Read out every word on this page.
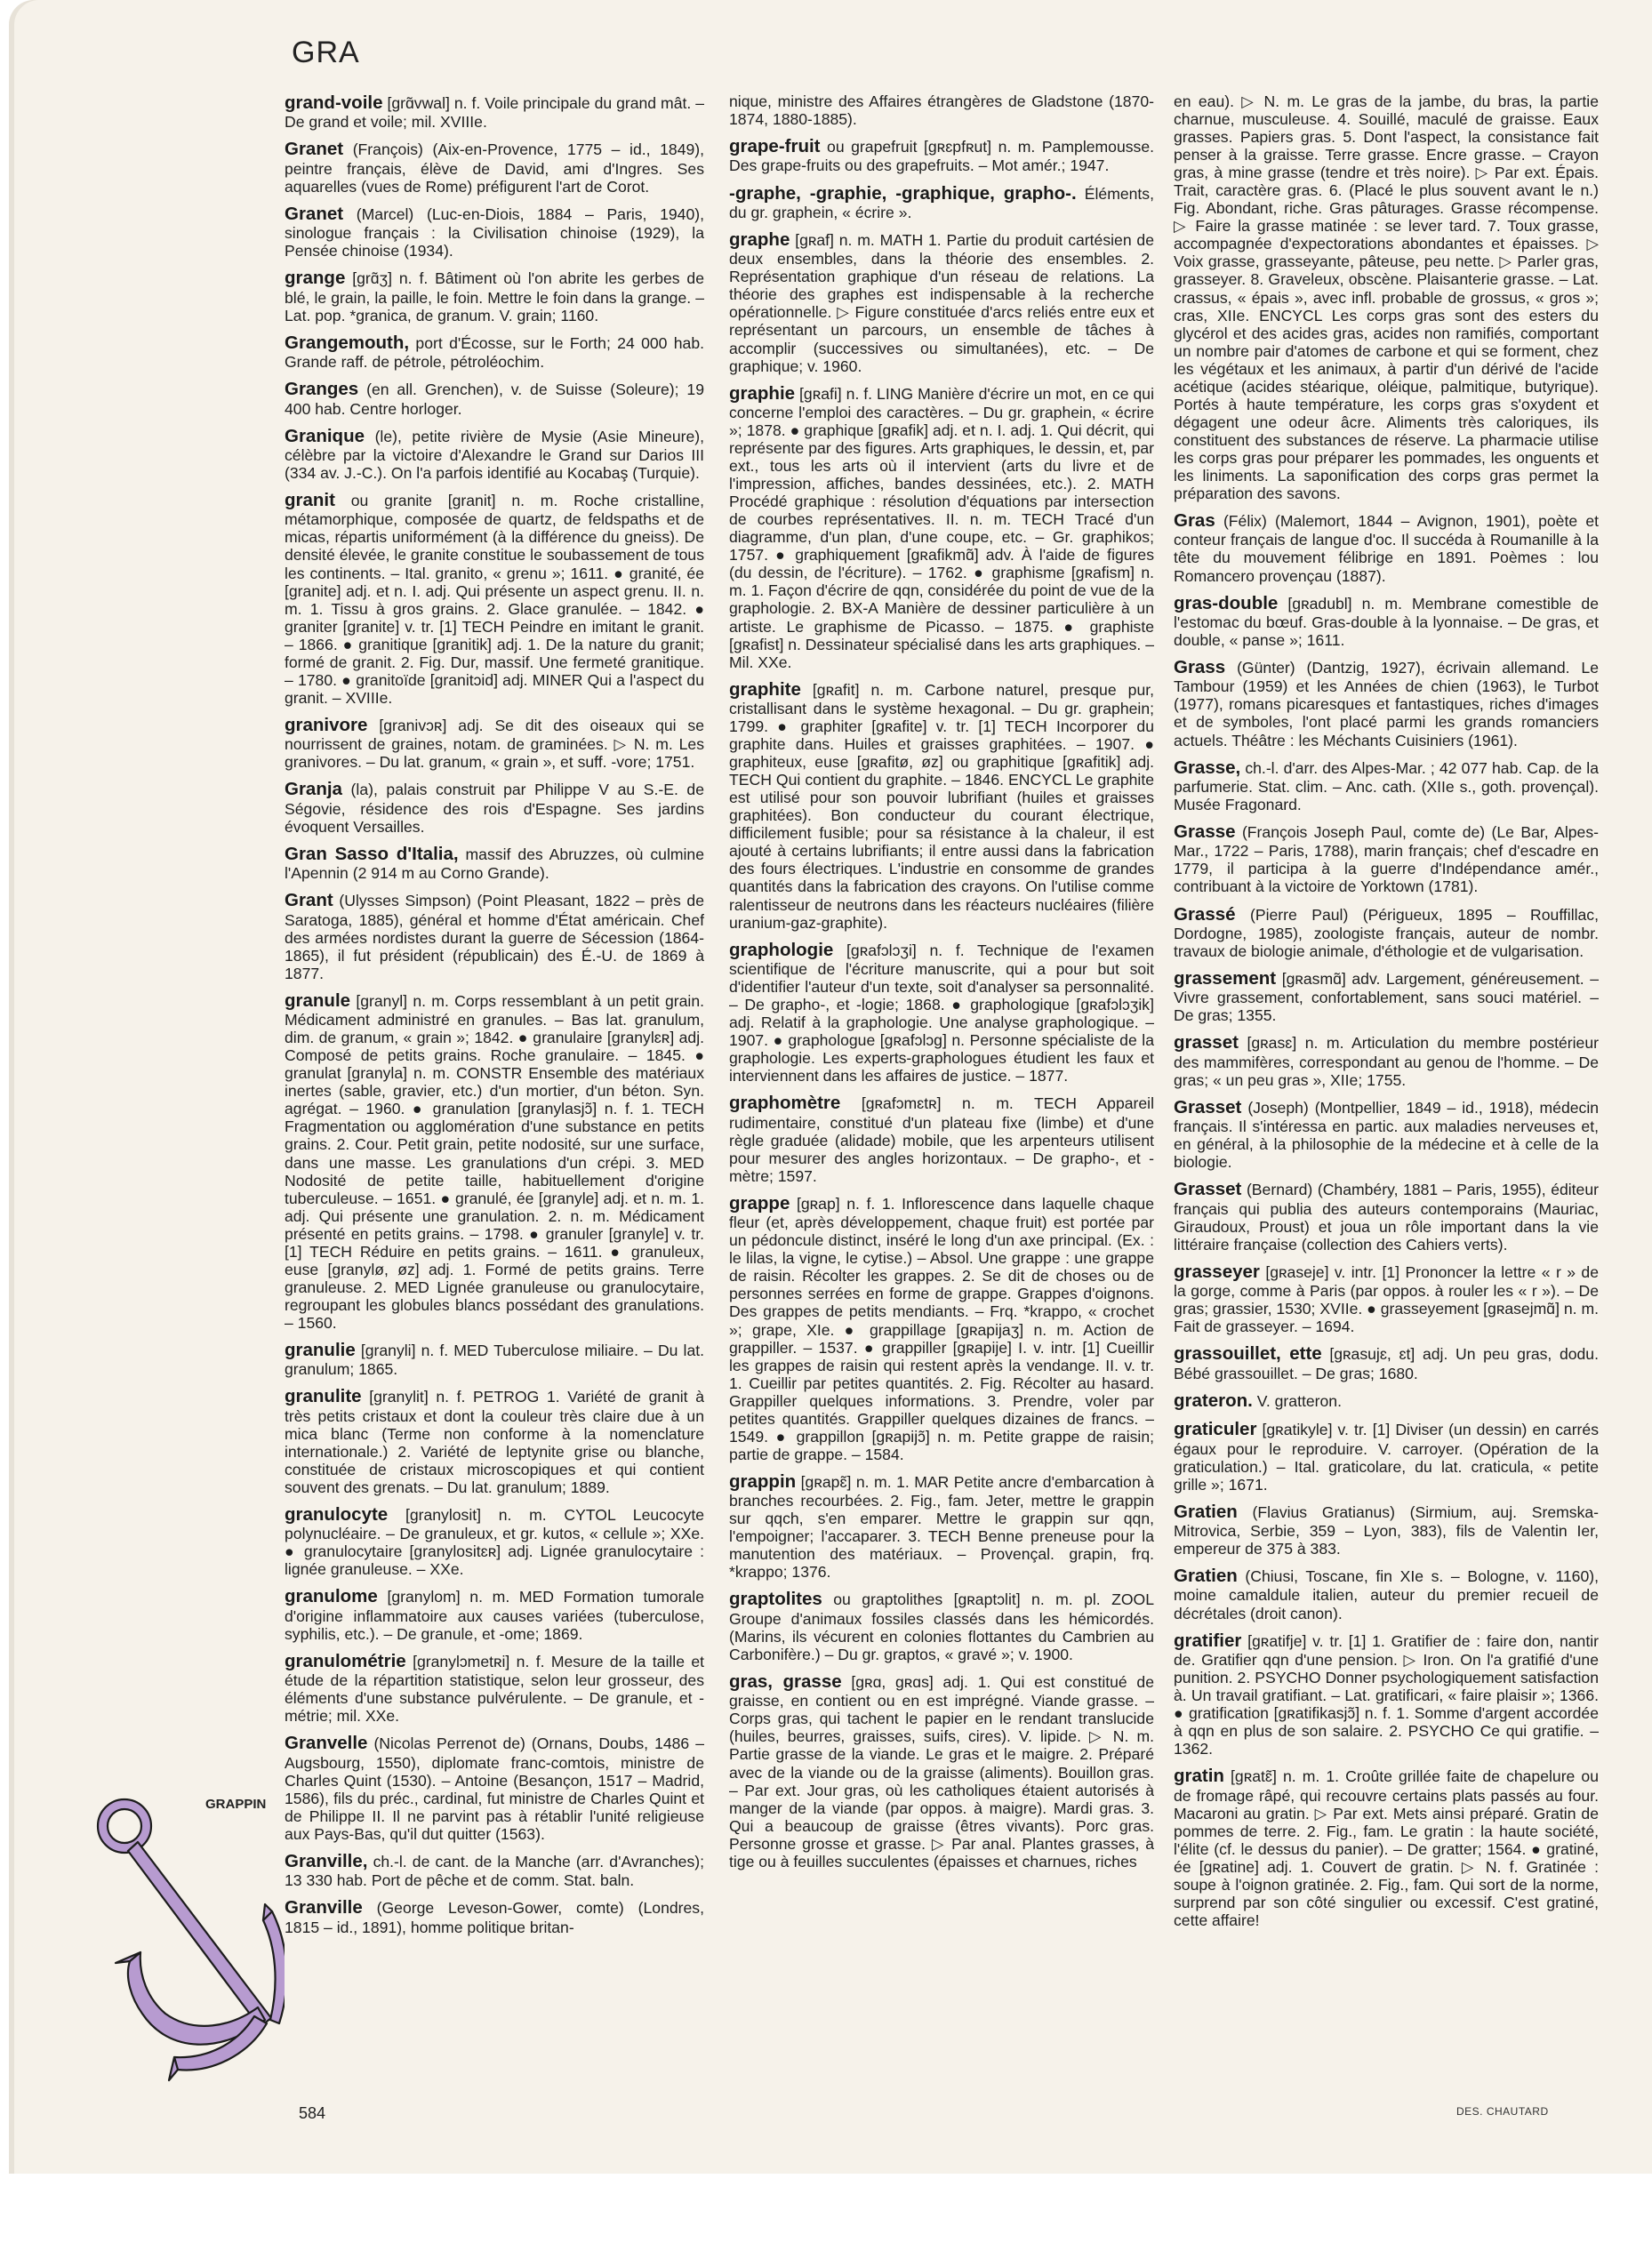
GRA

grand-voile [grɑ̃vwal] n. f. Voile principale du grand mât. – De grand et voile; mil. XVIIIe.

Granet (François) (Aix-en-Provence, 1775 – id., 1849), peintre français, élève de David, ami d'Ingres. Ses aquarelles (vues de Rome) préfigurent l'art de Corot.

Granet (Marcel) (Luc-en-Diois, 1884 – Paris, 1940), sinologue français : la Civilisation chinoise (1929), la Pensée chinoise (1934).

grange [grɑ̃ʒ] n. f. Bâtiment où l'on abrite les gerbes de blé, le grain, la paille, le foin. Mettre le foin dans la grange. – Lat. pop. *granica, de granum. V. grain; 1160.

Grangemouth, port d'Écosse, sur le Forth; 24 000 hab. Grande raff. de pétrole, pétroléochim.

Granges (en all. Grenchen), v. de Suisse (Soleure); 19 400 hab. Centre horloger.

Granique (le), petite rivière de Mysie (Asie Mineure), célèbre par la victoire d'Alexandre le Grand sur Darios III (334 av. J.-C.). On l'a parfois identifié au Kocabaş (Turquie).

granit ou granite [granit] n. m. Roche cristalline, métamorphique, composée de quartz, de feldspaths et de micas, répartis uniformément (à la différence du gneiss). De densité élevée, le granite constitue le soubassement de tous les continents. – Ital. granito, « grenu »; 1611. ● granité, ée [granite] adj. et n. I. adj. Qui présente un aspect grenu. II. n. m. 1. Tissu à gros grains. 2. Glace granulée. – 1842. ● graniter [granite] v. tr. [1] TECH Peindre en imitant le granit. – 1866. ● granitique [granitik] adj. 1. De la nature du granit; formé de granit. 2. Fig. Dur, massif. Une fermeté granitique. – 1780. ● granitoïde [granitɔid] adj. MINER Qui a l'aspect du granit. – XVIIIe.

granivore [granivɔʀ] adj. Se dit des oiseaux qui se nourrissent de graines, notam. de graminées. ▷ N. m. Les granivores. – Du lat. granum, « grain », et suff. -vore; 1751.

Granja (la), palais construit par Philippe V au S.-E. de Ségovie, résidence des rois d'Espagne. Ses jardins évoquent Versailles.

Gran Sasso d'Italia, massif des Abruzzes, où culmine l'Apennin (2 914 m au Corno Grande).

Grant (Ulysses Simpson) (Point Pleasant, 1822 – près de Saratoga, 1885), général et homme d'État américain. Chef des armées nordistes durant la guerre de Sécession (1864-1865), il fut président (républicain) des É.-U. de 1869 à 1877.

granule [granyl] n. m. Corps ressemblant à un petit grain. Médicament administré en granules. – Bas lat. granulum, dim. de granum, « grain »; 1842. ● granulaire [granylɛʀ] adj. Composé de petits grains. Roche granulaire. – 1845. ● granulat [granyla] n. m. CONSTR Ensemble des matériaux inertes (sable, gravier, etc.) d'un mortier, d'un béton. Syn. agrégat. – 1960. ● granulation [granylasjɔ̃] n. f. 1. TECH Fragmentation ou agglomération d'une substance en petits grains. 2. Cour. Petit grain, petite nodosité, sur une surface, dans une masse. Les granulations d'un crépi. 3. MED Nodosité de petite taille, habituellement d'origine tuberculeuse. – 1651. ● granulé, ée [granyle] adj. et n. m. 1. adj. Qui présente une granulation. 2. n. m. Médicament présenté en petits grains. – 1798. ● granuler [granyle] v. tr. [1] TECH Réduire en petits grains. – 1611. ● granuleux, euse [granylø, øz] adj. 1. Formé de petits grains. Terre granuleuse. 2. MED Lignée granuleuse ou granulocytaire, regroupant les globules blancs possédant des granulations. – 1560.

granulie [granyli] n. f. MED Tuberculose miliaire. – Du lat. granulum; 1865.

granulite [granylit] n. f. PETROG 1. Variété de granit à très petits cristaux et dont la couleur très claire due à un mica blanc (Terme non conforme à la nomenclature internationale.) 2. Variété de leptynite grise ou blanche, constituée de cristaux microscopiques et qui contient souvent des grenats. – Du lat. granulum; 1889.

granulocyte [granylosit] n. m. CYTOL Leucocyte polynucléaire. – De granuleux, et gr. kutos, « cellule »; XXe. ● granulocytaire [granylositɛʀ] adj. Lignée granulocytaire : lignée granuleuse. – XXe.

granulome [granylom] n. m. MED Formation tumorale d'origine inflammatoire aux causes variées (tuberculose, syphilis, etc.). – De granule, et -ome; 1869.

granulométrie [granylɔmetʀi] n. f. Mesure de la taille et étude de la répartition statistique, selon leur grosseur, des éléments d'une substance pulvérulente. – De granule, et -métrie; mil. XXe.

Granvelle (Nicolas Perrenot de) (Ornans, Doubs, 1486 – Augsbourg, 1550), diplomate franc-comtois, ministre de Charles Quint (1530). – Antoine (Besançon, 1517 – Madrid, 1586), fils du préc., cardinal, fut ministre de Charles Quint et de Philippe II. Il ne parvint pas à rétablir l'unité religieuse aux Pays-Bas, qu'il dut quitter (1563).

Granville, ch.-l. de cant. de la Manche (arr. d'Avranches); 13 330 hab. Port de pêche et de comm. Stat. baln.

Granville (George Leveson-Gower, comte) (Londres, 1815 – id., 1891), homme politique britan-

nique, ministre des Affaires étrangères de Gladstone (1870-1874, 1880-1885).

grape-fruit ou grapefruit [gʀɛpfʀut] n. m. Pamplemousse. Des grape-fruits ou des grapefruits. – Mot amér.; 1947.

-graphe, -graphie, -graphique, grapho-. Éléments, du gr. graphein, « écrire ».

graphe [gʀaf] n. m. MATH 1. Partie du produit cartésien de deux ensembles, dans la théorie des ensembles. 2. Représentation graphique d'un réseau de relations. La théorie des graphes est indispensable à la recherche opérationnelle. ▷ Figure constituée d'arcs reliés entre eux et représentant un parcours, un ensemble de tâches à accomplir (successives ou simultanées), etc. – De graphique; v. 1960.

graphie [gʀafi] n. f. LING Manière d'écrire un mot, en ce qui concerne l'emploi des caractères. – Du gr. graphein, « écrire »; 1878. ● graphique [gʀafik] adj. et n. I. adj. 1. Qui décrit, qui représente par des figures. Arts graphiques, le dessin, et, par ext., tous les arts où il intervient (arts du livre et de l'impression, affiches, bandes dessinées, etc.). 2. MATH Procédé graphique : résolution d'équations par intersection de courbes représentatives. II. n. m. TECH Tracé d'un diagramme, d'un plan, d'une coupe, etc. – Gr. graphikos; 1757. ● graphiquement [gʀafikmɑ̃] adv. À l'aide de figures (du dessin, de l'écriture). – 1762. ● graphisme [gʀafism] n. m. 1. Façon d'écrire de qqn, considérée du point de vue de la graphologie. 2. BX-A Manière de dessiner particulière à un artiste. Le graphisme de Picasso. – 1875. ● graphiste [gʀafist] n. Dessinateur spécialisé dans les arts graphiques. – Mil. XXe.

graphite [gʀafit] n. m. Carbone naturel, presque pur, cristallisant dans le système hexagonal. – Du gr. graphein; 1799. ● graphiter [gʀafite] v. tr. [1] TECH Incorporer du graphite dans. Huiles et graisses graphitées. – 1907. ● graphiteux, euse [gʀafitø, øz] ou graphitique [gʀafitik] adj. TECH Qui contient du graphite. – 1846. ENCYCL Le graphite est utilisé pour son pouvoir lubrifiant (huiles et graisses graphitées). Bon conducteur du courant électrique, difficilement fusible; pour sa résistance à la chaleur, il est ajouté à certains lubrifiants; il entre aussi dans la fabrication des fours électriques. L'industrie en consomme de grandes quantités dans la fabrication des crayons. On l'utilise comme ralentisseur de neutrons dans les réacteurs nucléaires (filière uranium-gaz-graphite).

graphologie [gʀafɔlɔʒi] n. f. Technique de l'examen scientifique de l'écriture manuscrite, qui a pour but soit d'identifier l'auteur d'un texte, soit d'analyser sa personnalité. – De grapho-, et -logie; 1868. ● graphologique [gʀafɔlɔʒik] adj. Relatif à la graphologie. Une analyse graphologique. – 1907. ● graphologue [gʀafɔlɔg] n. Personne spécialiste de la graphologie. Les experts-graphologues étudient les faux et interviennent dans les affaires de justice. – 1877.

graphomètre [gʀafɔmɛtʀ] n. m. TECH Appareil rudimentaire, constitué d'un plateau fixe (limbe) et d'une règle graduée (alidade) mobile, que les arpenteurs utilisent pour mesurer des angles horizontaux. – De grapho-, et -mètre; 1597.

grappe [gʀap] n. f. 1. Inflorescence dans laquelle chaque fleur (et, après développement, chaque fruit) est portée par un pédoncule distinct, inséré le long d'un axe principal. (Ex. : le lilas, la vigne, le cytise.) – Absol. Une grappe : une grappe de raisin. Récolter les grappes. 2. Se dit de choses ou de personnes serrées en forme de grappe. Grappes d'oignons. Des grappes de petits mendiants. – Frq. *krappo, « crochet »; grape, XIe. ● grappillage [gʀapijaʒ] n. m. Action de grappiller. – 1537. ● grappiller [gʀapije] I. v. intr. [1] Cueillir les grappes de raisin qui restent après la vendange. II. v. tr. 1. Cueillir par petites quantités. 2. Fig. Récolter au hasard. Grappiller quelques informations. 3. Prendre, voler par petites quantités. Grappiller quelques dizaines de francs. – 1549. ● grappillon [gʀapijɔ̃] n. m. Petite grappe de raisin; partie de grappe. – 1584.

grappin [gʀapɛ̃] n. m. 1. MAR Petite ancre d'embarcation à branches recourbées. 2. Fig., fam. Jeter, mettre le grappin sur qqch, s'en emparer. Mettre le grappin sur qqn, l'empoigner; l'accaparer. 3. TECH Benne preneuse pour la manutention des matériaux. – Provençal. grapin, frq. *krappo; 1376.

graptolites ou graptolithes [gʀaptɔlit] n. m. pl. ZOOL Groupe d'animaux fossiles classés dans les hémicordés. (Marins, ils vécurent en colonies flottantes du Cambrien au Carbonifère.) – Du gr. graptos, « gravé »; v. 1900.

gras, grasse [gʀɑ, gʀɑs] adj. 1. Qui est constitué de graisse, en contient ou en est imprégné. Viande grasse. – Corps gras, qui tachent le papier en le rendant translucide (huiles, beurres, graisses, suifs, cires). V. lipide. ▷ N. m. Partie grasse de la viande. Le gras et le maigre. 2. Préparé avec de la viande ou de la graisse (aliments). Bouillon gras. – Par ext. Jour gras, où les catholiques étaient autorisés à manger de la viande (par oppos. à maigre). Mardi gras. 3. Qui a beaucoup de graisse (êtres vivants). Porc gras. Personne grosse et grasse. ▷ Par anal. Plantes grasses, à tige ou à feuilles succulentes (épaisses et charnues, riches

en eau). ▷ N. m. Le gras de la jambe, du bras, la partie charnue, musculeuse. 4. Souillé, maculé de graisse. Eaux grasses. Papiers gras. 5. Dont l'aspect, la consistance fait penser à la graisse. Terre grasse. Encre grasse. – Crayon gras, à mine grasse (tendre et très noire). ▷ Par ext. Épais. Trait, caractère gras. 6. (Placé le plus souvent avant le n.) Fig. Abondant, riche. Gras pâturages. Grasse récompense. ▷ Faire la grasse matinée : se lever tard. 7. Toux grasse, accompagnée d'expectorations abondantes et épaisses. ▷ Voix grasse, grasseyante, pâteuse, peu nette. ▷ Parler gras, grasseyer. 8. Graveleux, obscène. Plaisanterie grasse. – Lat. crassus, « épais », avec infl. probable de grossus, « gros »; cras, XIIe. ENCYCL Les corps gras sont des esters du glycérol et des acides gras, acides non ramifiés, comportant un nombre pair d'atomes de carbone et qui se forment, chez les végétaux et les animaux, à partir d'un dérivé de l'acide acétique (acides stéarique, oléique, palmitique, butyrique). Portés à haute température, les corps gras s'oxydent et dégagent une odeur âcre. Aliments très caloriques, ils constituent des substances de réserve. La pharmacie utilise les corps gras pour préparer les pommades, les onguents et les liniments. La saponification des corps gras permet la préparation des savons.

Gras (Félix) (Malemort, 1844 – Avignon, 1901), poète et conteur français de langue d'oc. Il succéda à Roumanille à la tête du mouvement félibrige en 1891. Poèmes : lou Romancero provençau (1887).

gras-double [gʀadubl] n. m. Membrane comestible de l'estomac du bœuf. Gras-double à la lyonnaise. – De gras, et double, « panse »; 1611.

Grass (Günter) (Dantzig, 1927), écrivain allemand. Le Tambour (1959) et les Années de chien (1963), le Turbot (1977), romans picaresques et fantastiques, riches d'images et de symboles, l'ont placé parmi les grands romanciers actuels. Théâtre : les Méchants Cuisiniers (1961).

Grasse, ch.-l. d'arr. des Alpes-Mar. ; 42 077 hab. Cap. de la parfumerie. Stat. clim. – Anc. cath. (XIIe s., goth. provençal). Musée Fragonard.

Grasse (François Joseph Paul, comte de) (Le Bar, Alpes-Mar., 1722 – Paris, 1788), marin français; chef d'escadre en 1779, il participa à la guerre d'Indépendance amér., contribuant à la victoire de Yorktown (1781).

Grassé (Pierre Paul) (Périgueux, 1895 – Rouffillac, Dordogne, 1985), zoologiste français, auteur de nombr. travaux de biologie animale, d'éthologie et de vulgarisation.

grassement [gʀasmɑ̃] adv. Largement, généreusement. – Vivre grassement, confortablement, sans souci matériel. – De gras; 1355.

grasset [gʀasɛ] n. m. Articulation du membre postérieur des mammifères, correspondant au genou de l'homme. – De gras; « un peu gras », XIIe; 1755.

Grasset (Joseph) (Montpellier, 1849 – id., 1918), médecin français. Il s'intéressa en partic. aux maladies nerveuses et, en général, à la philosophie de la médecine et à celle de la biologie.

Grasset (Bernard) (Chambéry, 1881 – Paris, 1955), éditeur français qui publia des auteurs contemporains (Mauriac, Giraudoux, Proust) et joua un rôle important dans la vie littéraire française (collection des Cahiers verts).

grasseyer [gʀaseje] v. intr. [1] Prononcer la lettre « r » de la gorge, comme à Paris (par oppos. à rouler les « r »). – De gras; grassier, 1530; XVIIe. ● grasseyement [gʀasejmɑ̃] n. m. Fait de grasseyer. – 1694.

grassouillet, ette [gʀasujɛ, ɛt] adj. Un peu gras, dodu. Bébé grassouillet. – De gras; 1680.

grateron. V. gratteron.

graticuler [gʀatikyle] v. tr. [1] Diviser (un dessin) en carrés égaux pour le reproduire. V. carroyer. (Opération de la graticulation.) – Ital. graticolare, du lat. craticula, « petite grille »; 1671.

Gratien (Flavius Gratianus) (Sirmium, auj. Sremska-Mitrovica, Serbie, 359 – Lyon, 383), fils de Valentin Ier, empereur de 375 à 383.

Gratien (Chiusi, Toscane, fin XIe s. – Bologne, v. 1160), moine camaldule italien, auteur du premier recueil de décrétales (droit canon).

gratifier [gʀatifje] v. tr. [1] 1. Gratifier de : faire don, nantir de. Gratifier qqn d'une pension. ▷ Iron. On l'a gratifié d'une punition. 2. PSYCHO Donner psychologiquement satisfaction à. Un travail gratifiant. – Lat. gratificari, « faire plaisir »; 1366. ● gratification [gʀatifikasjɔ̃] n. f. 1. Somme d'argent accordée à qqn en plus de son salaire. 2. PSYCHO Ce qui gratifie. – 1362.

gratin [gʀatɛ̃] n. m. 1. Croûte grillée faite de chapelure ou de fromage râpé, qui recouvre certains plats passés au four. Macaroni au gratin. ▷ Par ext. Mets ainsi préparé. Gratin de pommes de terre. 2. Fig., fam. Le gratin : la haute société, l'élite (cf. le dessus du panier). – De gratter; 1564. ● gratiné, ée [gʀatine] adj. 1. Couvert de gratin. ▷ N. f. Gratinée : soupe à l'oignon gratinée. 2. Fig., fam. Qui sort de la norme, surprend par son côté singulier ou excessif. C'est gratiné, cette affaire!

GRAPPIN
584	DES. CHAUTARD
